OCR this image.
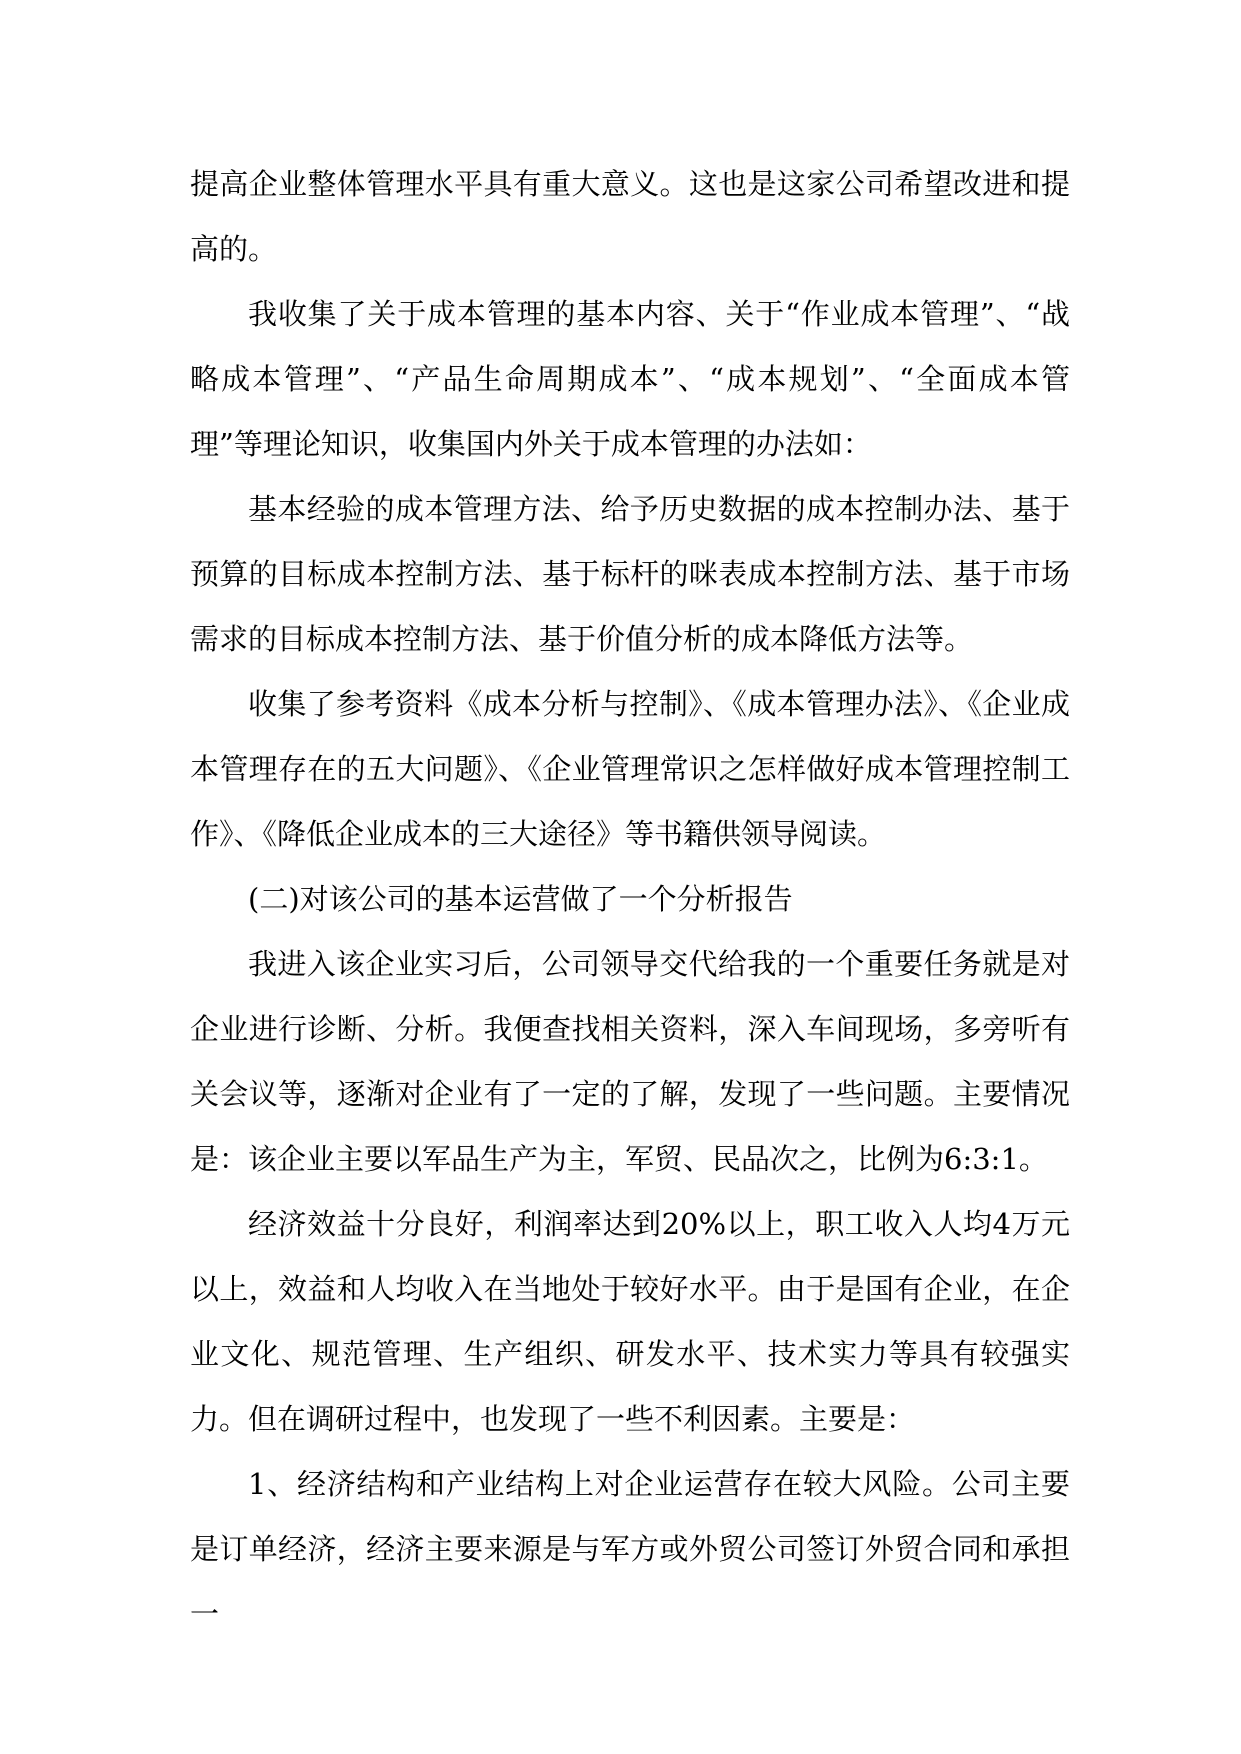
提高企业整体管理水平具有重大意义。这也是这家公司希望改进和提高的。

我收集了关于成本管理的基本内容、关于“作业成本管理”、“战略成本管理”、“产品生命周期成本”、“成本规划”、“全面成本管理”等理论知识，收集国内外关于成本管理的办法如：

基本经验的成本管理方法、给予历史数据的成本控制办法、基于预算的目标成本控制方法、基于标杆的咪表成本控制方法、基于市场需求的目标成本控制方法、基于价值分析的成本降低方法等。

收集了参考资料《成本分析与控制》、《成本管理办法》、《企业成本管理存在的五大问题》、《企业管理常识之怎样做好成本管理控制工作》、《降低企业成本的三大途径》等书籍供领导阅读。

(二)对该公司的基本运营做了一个分析报告

我进入该企业实习后，公司领导交代给我的一个重要任务就是对企业进行诊断、分析。我便查找相关资料，深入车间现场，多旁听有关会议等，逐渐对企业有了一定的了解，发现了一些问题。主要情况是：该企业主要以军品生产为主，军贸、民品次之，比例为6:3:1。

经济效益十分良好，利润率达到20%以上，职工收入人均4万元以上，效益和人均收入在当地处于较好水平。由于是国有企业，在企业文化、规范管理、生产组织、研发水平、技术实力等具有较强实力。但在调研过程中，也发现了一些不利因素。主要是：

1、经济结构和产业结构上对企业运营存在较大风险。公司主要是订单经济，经济主要来源是与军方或外贸公司签订外贸合同和承担一
